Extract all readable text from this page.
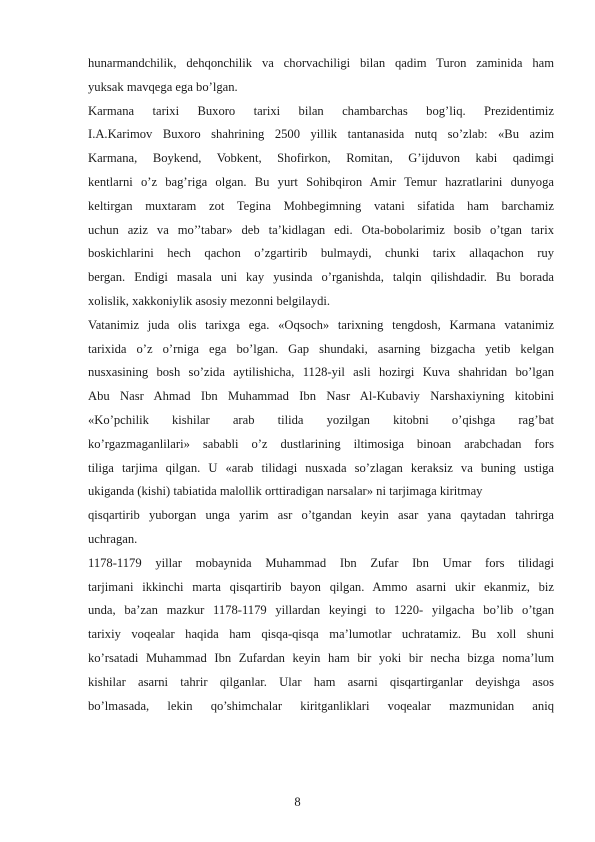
hunarmandchilik, dehqonchilik va chorvachiligi bilan qadim Turon zaminida ham
yuksak mavqega ega bo’lgan.
Karmana tarixi Buxoro tarixi bilan chambarchas bog’liq. Prezidentimiz
I.A.Karimov Buxoro shahrining 2500 yillik tantanasida nutq so’zlab: «Bu azim
Karmana, Boykend, Vobkent, Shofirkon, Romitan, G’ijduvon kabi qadimgi
kentlarni o’z bag’riga olgan. Bu yurt Sohibqiron Amir Temur hazratlarini dunyoga
keltirgan muxtaram zot Tegina Mohbegimning vatani sifatida ham barchamiz
uchun aziz va mo’’tabar» deb ta’kidlagan edi. Ota-bobolarimiz bosib o’tgan tarix
boskichlarini hech qachon o’zgartirib bulmaydi, chunki tarix allaqachon ruy
bergan. Endigi masala uni kay yusinda o’rganishda, talqin qilishdadir. Bu borada
xolislik, xakkoniylik asosiy mezonni belgilaydi.
Vatanimiz juda olis tarixga ega. «Oqsoch» tarixning tengdosh, Karmana vatanimiz
tarixida o’z o’rniga ega bo’lgan. Gap shundaki, asarning bizgacha yetib kelgan
nusxasining bosh so’zida aytilishicha, 1128-yil asli hozirgi Kuva shahridan bo’lgan
Abu Nasr Ahmad Ibn Muhammad Ibn Nasr Al-Kubaviy Narshaxiyning kitobini
«Ko’pchilik kishilar arab tilida yozilgan kitobni o’qishga rag’bat
ko’rgazmaganlilari» sababli o’z dustlarining iltimosiga binoan arabchadan fors
tiliga tarjima qilgan. U «arab tilidagi nusxada so’zlagan keraksiz va buning ustiga
ukiganda (kishi) tabiatida malollik orttiradigan narsalar» ni tarjimaga kiritmay
qisqartirib yuborgan unga yarim asr o’tgandan keyin asar yana qaytadan tahrirga
uchragan.
1178-1179 yillar mobaynida Muhammad Ibn Zufar Ibn Umar fors tilidagi
tarjimani ikkinchi marta qisqartirib bayon qilgan. Ammo asarni ukir ekanmiz, biz
unda, ba’zan mazkur 1178-1179 yillardan keyingi to 1220- yilgacha bo’lib o’tgan
tarixiy voqealar haqida ham qisqa-qisqa ma’lumotlar uchratamiz. Bu xoll shuni
ko’rsatadi Muhammad Ibn Zufardan keyin ham bir yoki bir necha bizga noma’lum
kishilar asarni tahrir qilganlar. Ular ham asarni qisqartirganlar deyishga asos
bo’lmasada, lekin qo’shimchalar kiritganliklari voqealar mazmunidan aniq
8
